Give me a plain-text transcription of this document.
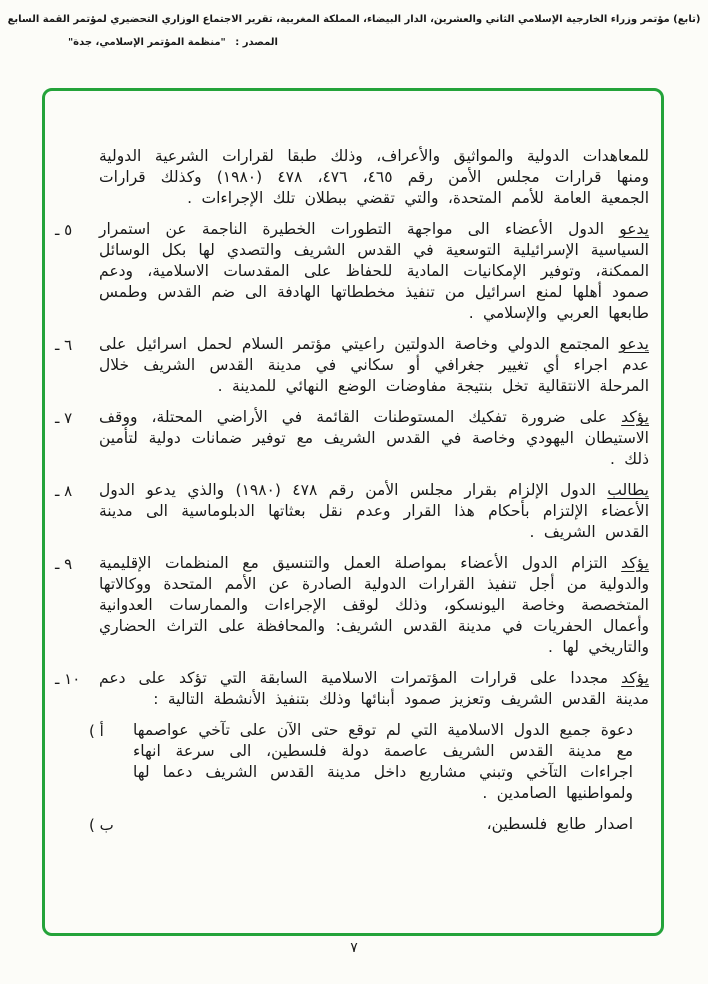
(تابع) مؤتمر وزراء الخارجية الإسلامي الثاني والعشرين، الدار البيضاء، المملكة المغربية، تقرير الاجتماع الوزاري التحضيري لمؤتمر القمة السابع
المصدر : "منظمة المؤتمر الإسلامي، جدة"

للمعاهدات الدولية والمواثيق والأعراف، وذلك طبقا لقرارات الشرعية الدولية ومنها قرارات مجلس الأمن رقم ٤٦٥، ٤٧٦، ٤٧٨ (١٩٨٠) وكذلك قرارات الجمعية العامة للأمم المتحدة، والتي تقضي ببطلان تلك الإجراءات .

٥ ـ	يدعو الدول الأعضاء الى مواجهة التطورات الخطيرة الناجمة عن استمرار السياسية الإسرائيلية التوسعية في القدس الشريف والتصدي لها بكل الوسائل الممكنة، وتوفير الإمكانيات المادية للحفاظ على المقدسات الاسلامية، ودعم صمود أهلها لمنع اسرائيل من تنفيذ مخططاتها الهادفة الى ضم القدس وطمس طابعها العربي والإسلامي .

٦ ـ	يدعو المجتمع الدولي وخاصة الدولتين راعيتي مؤتمر السلام لحمل اسرائيل على عدم اجراء أي تغيير جغرافي أو سكاني في مدينة القدس الشريف خلال المرحلة الانتقالية تخل بنتيجة مفاوضات الوضع النهائي للمدينة .

٧ ـ	يؤكد على ضرورة تفكيك المستوطنات القائمة في الأراضي المحتلة، ووقف الاستيطان اليهودي وخاصة في القدس الشريف مع توفير ضمانات دولية لتأمين ذلك .

٨ ـ	يطالب الدول الإلزام بقرار مجلس الأمن رقم ٤٧٨ (١٩٨٠) والذي يدعو الدول الأعضاء الإلتزام بأحكام هذا القرار وعدم نقل بعثاتها الدبلوماسية الى مدينة القدس الشريف .

٩ ـ	يؤكد التزام الدول الأعضاء بمواصلة العمل والتنسيق مع المنظمات الإقليمية والدولية من أجل تنفيذ القرارات الدولية الصادرة عن الأمم المتحدة ووكالاتها المتخصصة وخاصة اليونسكو، وذلك لوقف الإجراءات والممارسات العدوانية وأعمال الحفريات في مدينة القدس الشريف: والمحافظة على التراث الحضاري والتاريخي لها .

١٠ ـ	يؤكد مجددا على قرارات المؤتمرات الاسلامية السابقة التي تؤكد على دعم مدينة القدس الشريف وتعزيز صمود أبنائها وذلك بتنفيذ الأنشطة التالية :

أ )	دعوة جميع الدول الاسلامية التي لم توقع حتى الآن على تآخي عواصمها مع مدينة القدس الشريف عاصمة دولة فلسطين، الى سرعة انهاء اجراءات التآخي وتبني مشاريع داخل مدينة القدس الشريف دعما لها ولمواطنيها الصامدين .

ب )	اصدار طابع فلسطين،

٧
